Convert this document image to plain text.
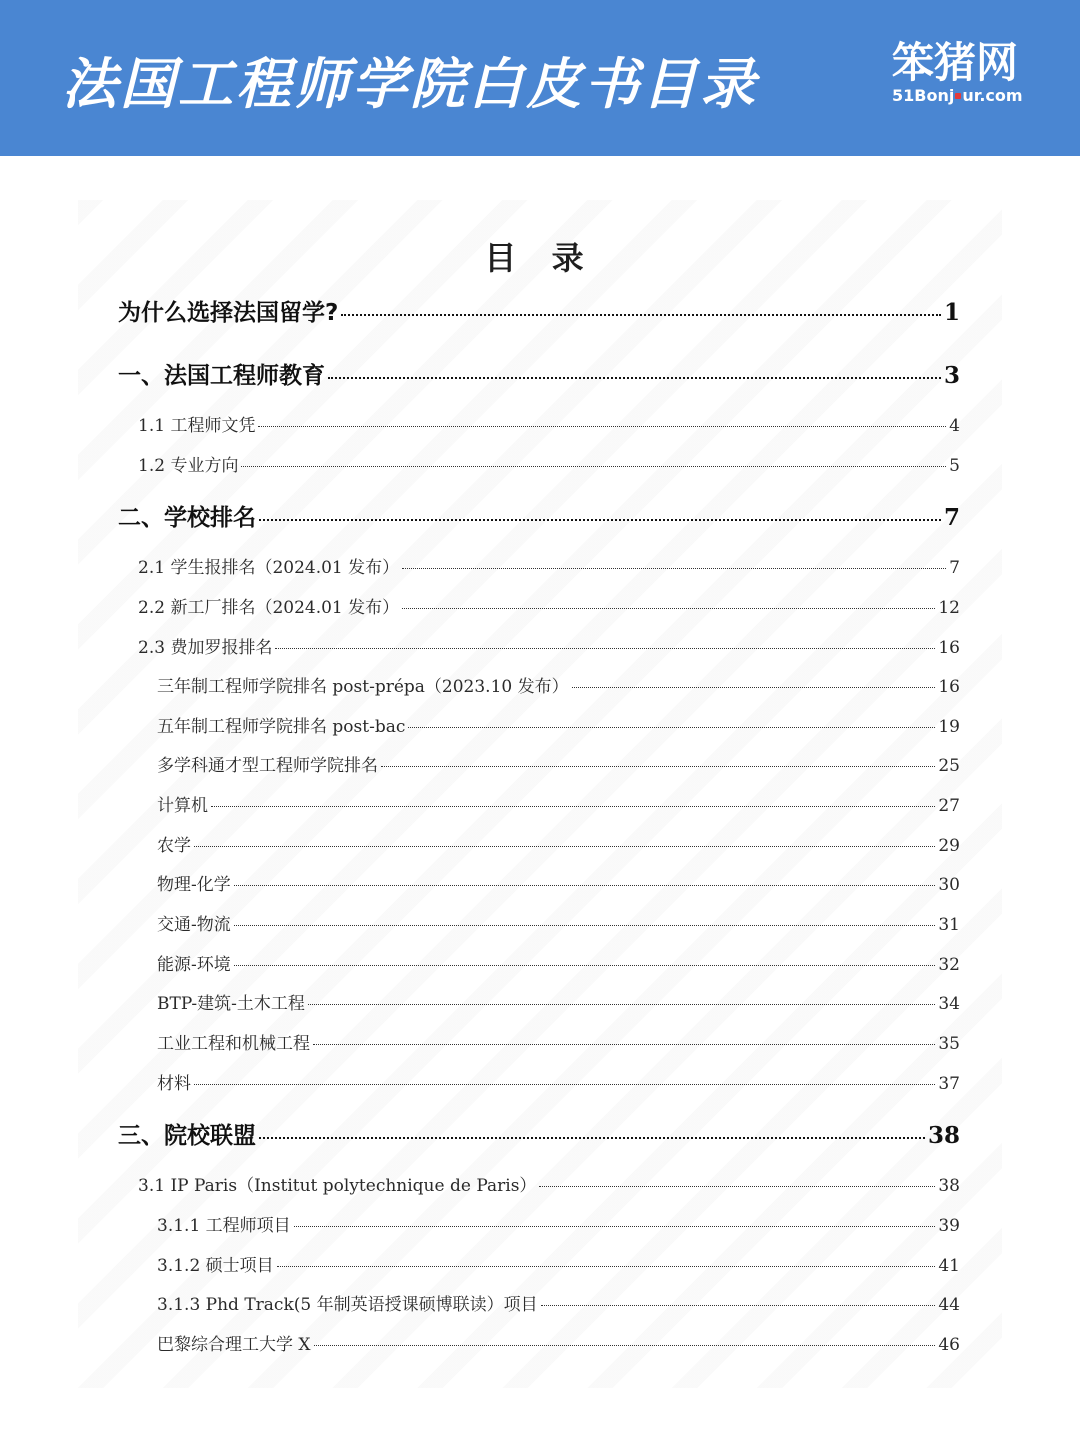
法国工程师学院白皮书目录	笨猪网
51Bonj ur.com
目 录
为什么选择法国留学?	1
一、法国工程师教育	3
1.1 工程师文凭	4
1.2 专业方向	5
二、学校排名	7
2.1 学生报排名（2024.01 发布）	7
2.2 新工厂排名（2024.01 发布）	12
2.3 费加罗报排名	16
三年制工程师学院排名 post-prépa（2023.10 发布）	16
五年制工程师学院排名 post-bac	19
多学科通才型工程师学院排名	25
计算机	27
农学	29
物理-化学	30
交通-物流	31
能源-环境	32
BTP-建筑-土木工程	34
工业工程和机械工程	35
材料	37
三、院校联盟	38
3.1 IP Paris（Institut polytechnique de Paris）	38
3.1.1 工程师项目	39
3.1.2 硕士项目	41
3.1.3 Phd Track(5 年制英语授课硕博联读）项目	44
巴黎综合理工大学 X	46
